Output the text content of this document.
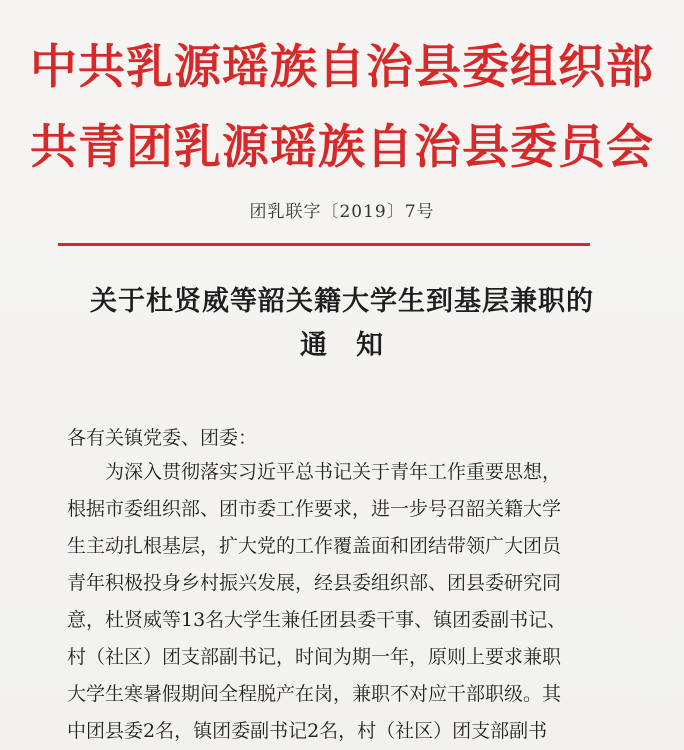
中共乳源瑶族自治县委组织部
共青团乳源瑶族自治县委员会
团乳联字〔2019〕7号
关于杜贤威等韶关籍大学生到基层兼职的
通　知
各有关镇党委、团委：
为深入贯彻落实习近平总书记关于青年工作重要思想，
根据市委组织部、团市委工作要求，进一步号召韶关籍大学
生主动扎根基层，扩大党的工作覆盖面和团结带领广大团员
青年积极投身乡村振兴发展，经县委组织部、团县委研究同
意，杜贤威等13名大学生兼任团县委干事、镇团委副书记、
村（社区）团支部副书记，时间为期一年，原则上要求兼职
大学生寒暑假期间全程脱产在岗，兼职不对应干部职级。其
中团县委2名，镇团委副书记2名，村（社区）团支部副书
